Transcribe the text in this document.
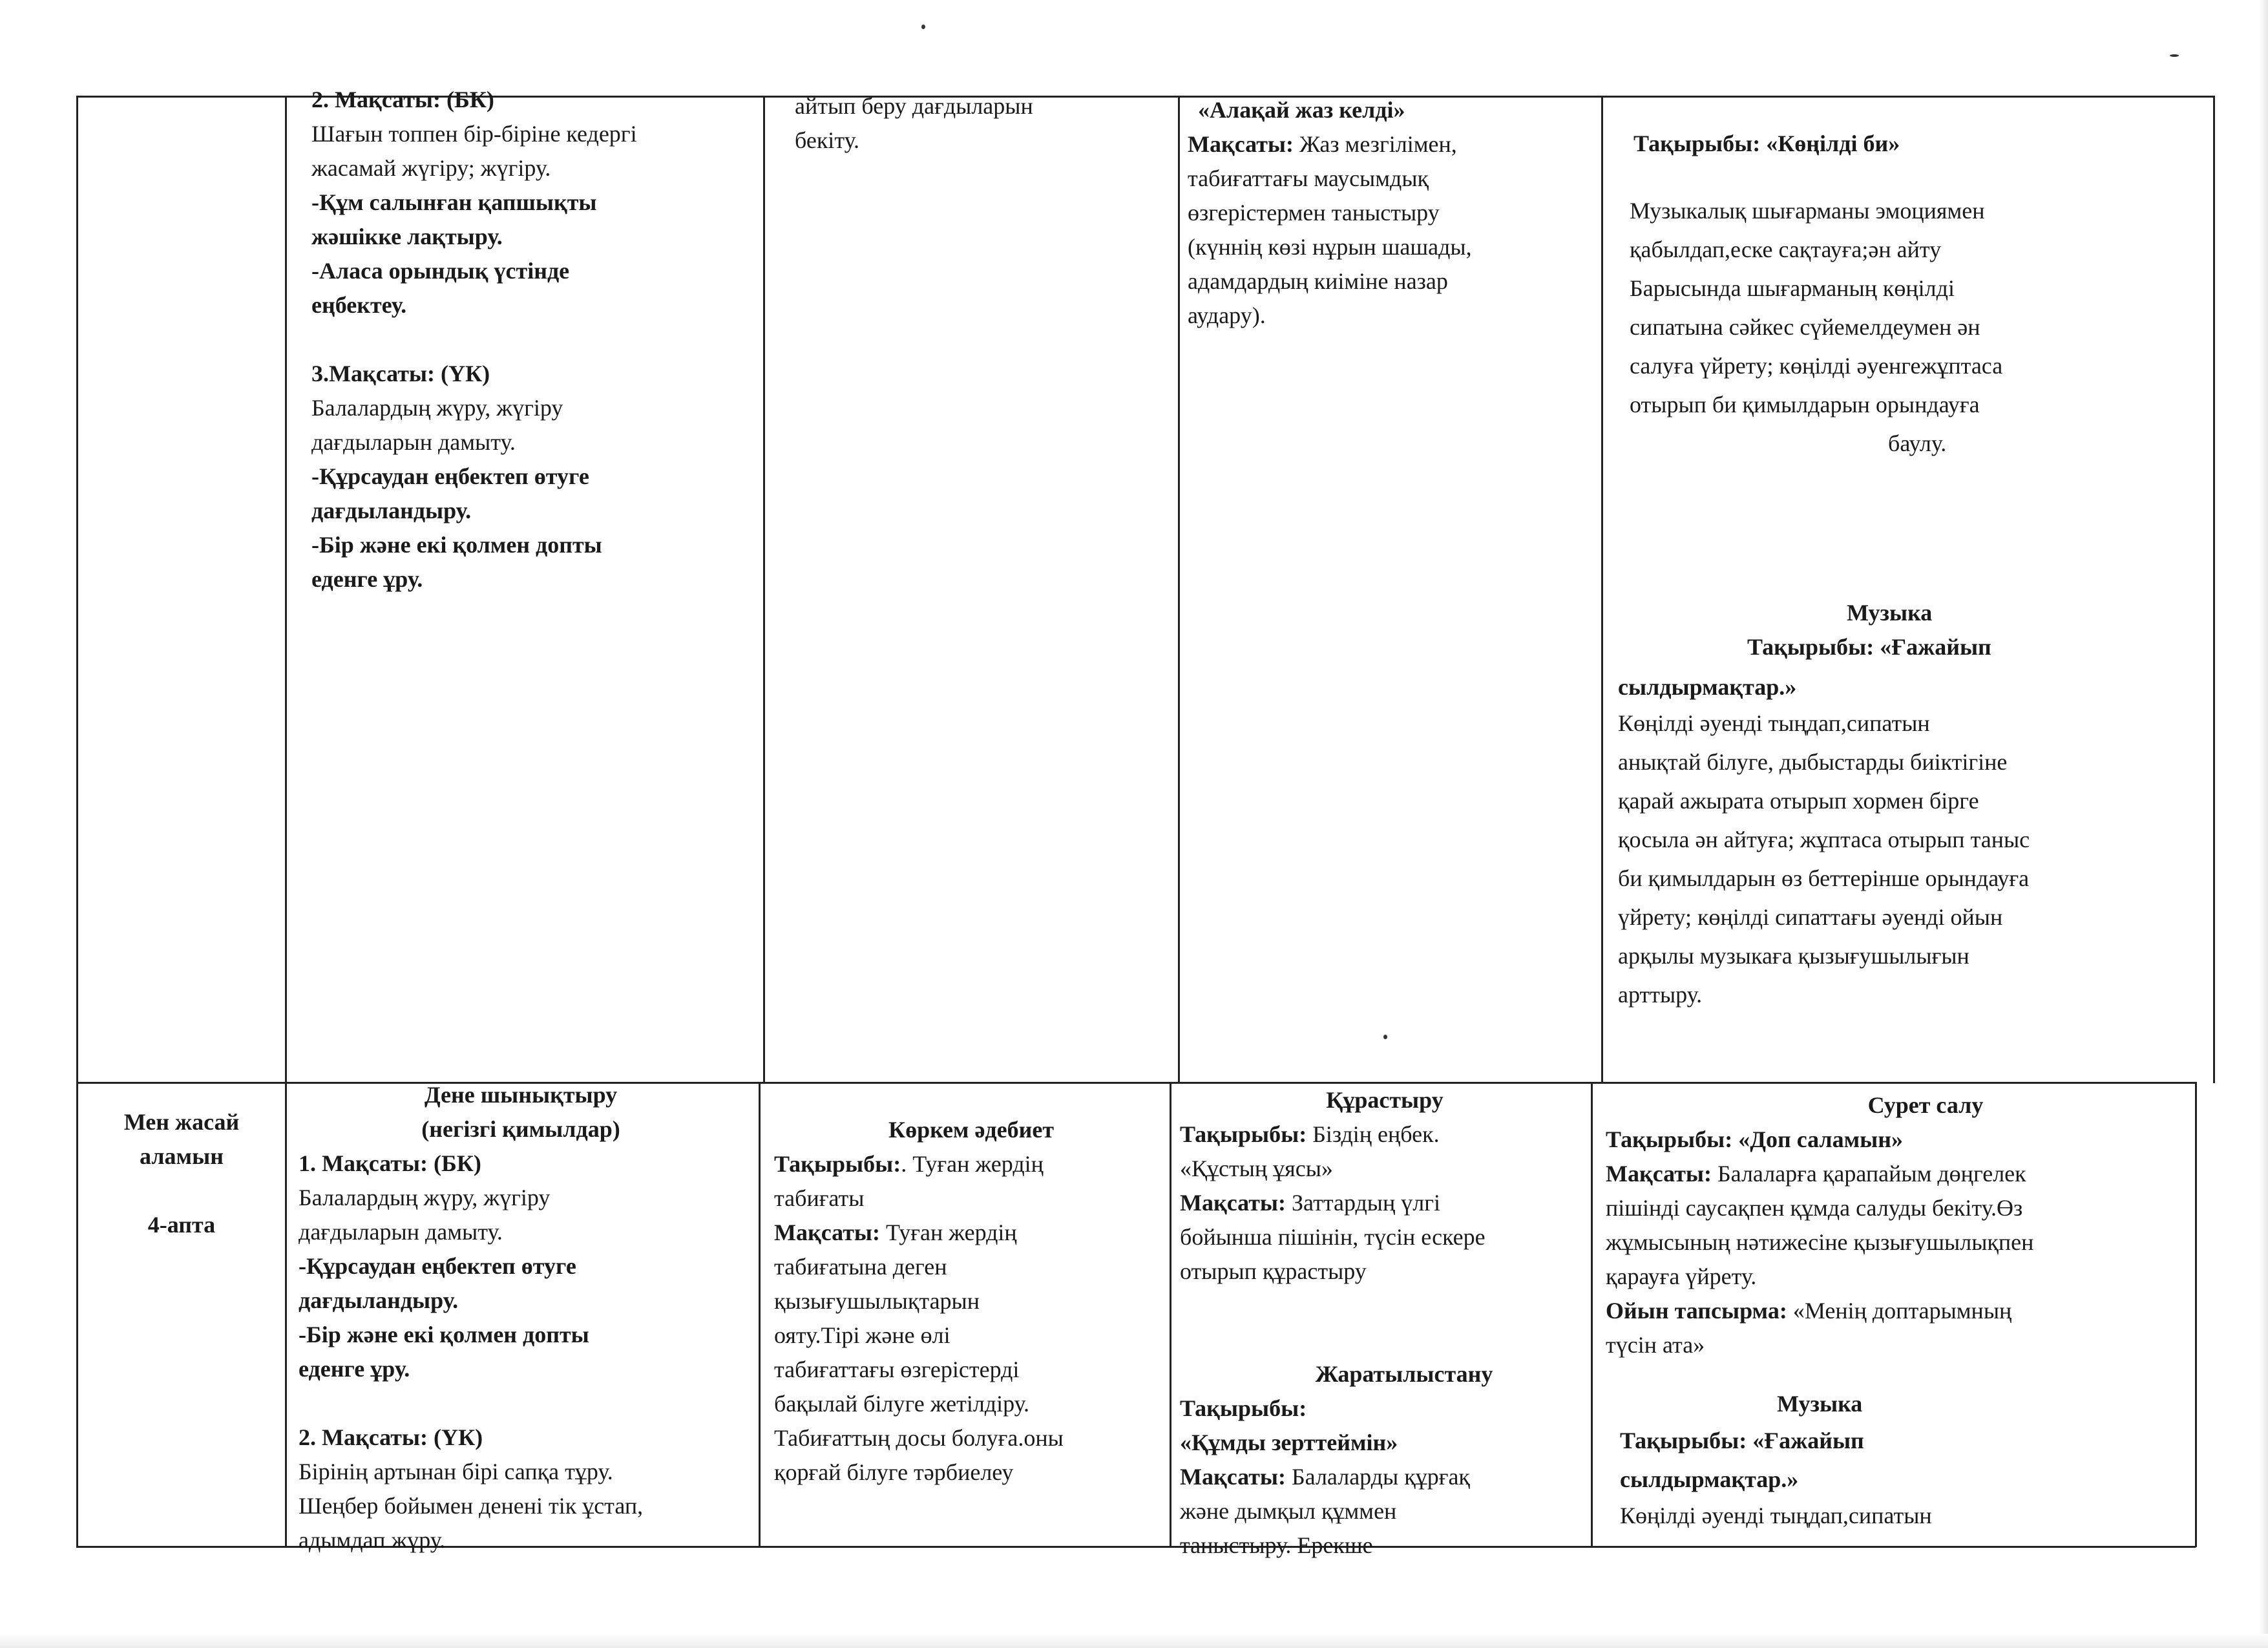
2. Мақсаты: (БК)
Шағын топпен бір-біріне кедергі
жасамай жүгіру; жүгіру.
-Құм салынған қапшықты
жәшікке лақтыру.
-Аласа орындық үстінде
еңбектеу.
3.Мақсаты: (ҮК)
Балалардың жүру, жүгіру
дағдыларын дамыту.
-Құрсаудан еңбектеп өтуге
дағдыландыру.
-Бір және екі қолмен допты
еденге ұру.
айтып беру дағдыларын
бекіту.
«Алақай жаз келді»
Мақсаты: Жаз мезгілімен,
табиғаттағы маусымдық
өзгерістермен таныстыру
(күннің көзі нұрын шашады,
адамдардың киіміне назар
аудару).
Тақырыбы: «Көңілді би»
Музыкалық шығарманы эмоциямен
қабылдап,еске сақтауға;ән айту
Барысында шығарманың көңілді
сипатына сәйкес сүйемелдеумен ән
салуға үйрету; көңілді әуенгежұптаса
отырып би қимылдарын орындауға
баулу.
Музыка
Тақырыбы: «Ғажайып
сылдырмақтар.»
Көңілді әуенді тыңдап,сипатын
анықтай білуге, дыбыстарды биіктігіне
қарай ажырата отырып хормен бірге
қосыла ән айтуға; жұптаса отырып таныс
би қимылдарын өз беттерінше орындауға
үйрету; көңілді сипаттағы әуенді ойын
арқылы музыкаға қызығушылығын
арттыру.
Мен жасай
аламын
4-апта
Дене шынықтыру
(негізгі қимылдар)
1. Мақсаты: (БК)
Балалардың жүру, жүгіру
дағдыларын дамыту.
-Құрсаудан еңбектеп өтуге
дағдыландыру.
-Бір және екі қолмен допты
еденге ұру.
2. Мақсаты: (ҮК)
Бірінің артынан бірі сапқа тұру.
Шеңбер бойымен денені тік ұстап,
адымдап жүру.
Көркем әдебиет
Тақырыбы:. Туған жердің
табиғаты
Мақсаты: Туған жердің
табиғатына деген
қызығушылықтарын
ояту.Тірі және өлі
табиғаттағы өзгерістерді
бақылай білуге жетілдіру.
Табиғаттың досы болуға.оны
қорғай білуге тәрбиелеу
Құрастыру
Тақырыбы: Біздің еңбек.
«Құстың ұясы»
Мақсаты: Заттардың үлгі
бойынша пішінін, түсін ескере
отырып құрастыру
Жаратылыстану
Тақырыбы:
«Құмды зерттеймін»
Мақсаты: Балаларды құрғақ
және дымқыл құммен
таныстыру. Ерекше
Сурет салу
Тақырыбы: «Доп саламын»
Мақсаты: Балаларға қарапайым дөңгелек
пішінді саусақпен құмда салуды бекіту.Өз
жұмысының нәтижесіне қызығушылықпен
қарауға үйрету.
Ойын тапсырма: «Менің доптарымның
түсін ата»
Музыка
Тақырыбы: «Ғажайып
сылдырмақтар.»
Көңілді әуенді тыңдап,сипатын
